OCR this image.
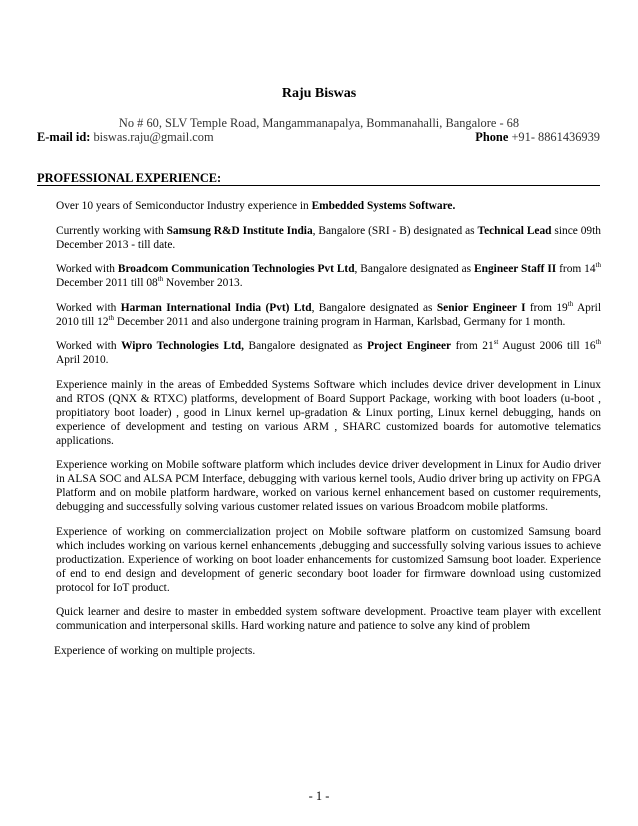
Raju Biswas
No # 60, SLV Temple Road, Mangammanapalya, Bommanahalli, Bangalore - 68
E-mail id: biswas.raju@gmail.com	Phone +91- 8861436939
PROFESSIONAL EXPERIENCE:

Over 10 years of Semiconductor Industry experience in Embedded Systems Software.

Currently working with Samsung R&D Institute India, Bangalore (SRI - B) designated as Technical Lead since 09th December 2013 - till date.

Worked with Broadcom Communication Technologies Pvt Ltd, Bangalore designated as Engineer Staff II from 14th December 2011 till 08th November 2013.

Worked with Harman International India (Pvt) Ltd, Bangalore designated as Senior Engineer I from 19th April 2010 till 12th December 2011 and also undergone training program in Harman, Karlsbad, Germany for 1 month.

Worked with Wipro Technologies Ltd, Bangalore designated as Project Engineer from 21st August 2006 till 16th April 2010.

Experience mainly in the areas of Embedded Systems Software which includes device driver development in Linux and RTOS (QNX & RTXC) platforms, development of Board Support Package, working with boot loaders (u-boot , propitiatory boot loader) , good in Linux kernel up-gradation & Linux porting, Linux kernel debugging, hands on experience of development and testing on various ARM , SHARC customized boards for automotive telematics applications.

Experience working on Mobile software platform which includes device driver development in Linux for Audio driver in ALSA SOC and ALSA PCM Interface, debugging with various kernel tools, Audio driver bring up activity on FPGA Platform and on mobile platform hardware, worked on various kernel enhancement based on customer requirements, debugging and successfully solving various customer related issues on various Broadcom mobile platforms.

Experience of working on commercialization project on Mobile software platform on customized Samsung board which includes working on various kernel enhancements ,debugging and successfully solving various issues to achieve productization. Experience of working on boot loader enhancements for customized Samsung boot loader. Experience of end to end design and development of generic secondary boot loader for firmware download using customized protocol for IoT product.

Quick learner and desire to master in embedded system software development. Proactive team player with excellent communication and interpersonal skills. Hard working nature and patience to solve any kind of problem

Experience of working on multiple projects.

- 1 -
